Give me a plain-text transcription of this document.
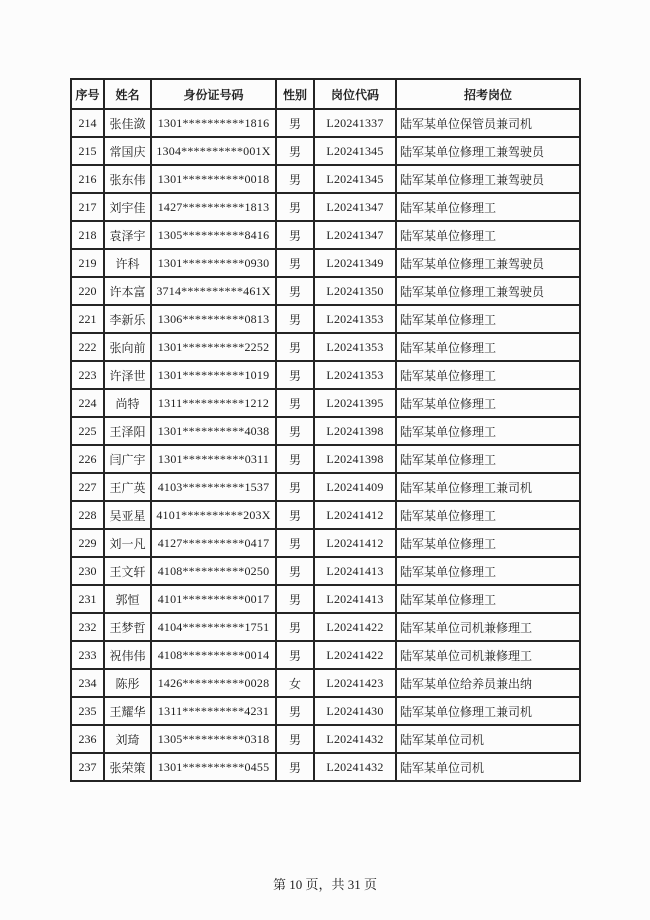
序号	姓名	身份证号码	性别	岗位代码	招考岗位
214	张佳潋	1301**********1816	男	L20241337	陆军某单位保管员兼司机
215	常国庆	1304**********001X	男	L20241345	陆军某单位修理工兼驾驶员
216	张东伟	1301**********0018	男	L20241345	陆军某单位修理工兼驾驶员
217	刘宇佳	1427**********1813	男	L20241347	陆军某单位修理工
218	袁泽宇	1305**********8416	男	L20241347	陆军某单位修理工
219	许科	1301**********0930	男	L20241349	陆军某单位修理工兼驾驶员
220	许本富	3714**********461X	男	L20241350	陆军某单位修理工兼驾驶员
221	李新乐	1306**********0813	男	L20241353	陆军某单位修理工
222	张向前	1301**********2252	男	L20241353	陆军某单位修理工
223	许泽世	1301**********1019	男	L20241353	陆军某单位修理工
224	尚特	1311**********1212	男	L20241395	陆军某单位修理工
225	王泽阳	1301**********4038	男	L20241398	陆军某单位修理工
226	闫广宇	1301**********0311	男	L20241398	陆军某单位修理工
227	王广英	4103**********1537	男	L20241409	陆军某单位修理工兼司机
228	吴亚星	4101**********203X	男	L20241412	陆军某单位修理工
229	刘一凡	4127**********0417	男	L20241412	陆军某单位修理工
230	王文轩	4108**********0250	男	L20241413	陆军某单位修理工
231	郭恒	4101**********0017	男	L20241413	陆军某单位修理工
232	王梦哲	4104**********1751	男	L20241422	陆军某单位司机兼修理工
233	祝伟伟	4108**********0014	男	L20241422	陆军某单位司机兼修理工
234	陈彤	1426**********0028	女	L20241423	陆军某单位给养员兼出纳
235	王耀华	1311**********4231	男	L20241430	陆军某单位修理工兼司机
236	刘琦	1305**********0318	男	L20241432	陆军某单位司机
237	张荣策	1301**********0455	男	L20241432	陆军某单位司机
第 10 页，共 31 页
